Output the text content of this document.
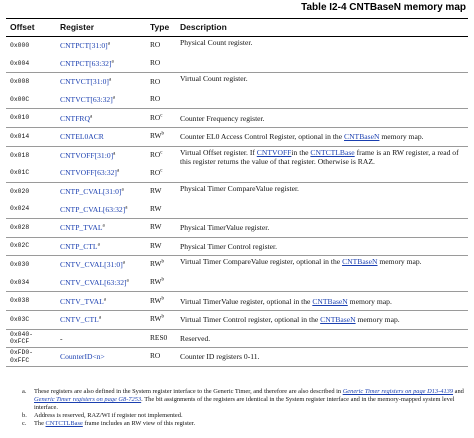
Table I2-4 CNTBaseN memory map
Offset	Register	Type	Description
0x000	CNTPCT[31:0]$^a$	RO	Physical Count register.
0x004	CNTPCT[63:32]$^a$	RO	
0x008	CNTVCT[31:0]$^a$	RO	Virtual Count register.
0x00C	CNTVCT[63:32]$^a$	RO	
0x010	CNTFRQ$^a$	$RO^c$	Counter Frequency register.
0x014	CNTEL0ACR	$RW^b$	Counter EL0 Access Control Register, optional in the CNTBaseN memory map.
0x018	CNTVOFF[31:0]$^a$	$RO^c$	Virtual Offset register. If CNTVOFFin the CNTCTLBase frame is an RW register, a read of this register returns the value of that register. Otherwise is RAZ.
0x01C	CNTVOFF[63:32]$^a$	$RO^c$
0x020	CNTP_CVAL[31:0]$^a$	RW	Physical Timer CompareValue register.
0x024	CNTP_CVAL[63:32]$^a$	RW	
0x028	CNTP_TVAL$^a$	RW	Physical TimerValue register.
0x02C	CNTP_CTL$^a$	RW	Physical Timer Control register.
0x030	CNTV_CVAL[31:0]$^a$	$RW^b$	Virtual Timer CompareValue register, optional in the CNTBaseN memory map.
0x034	CNTV_CVAL[63:32]$^a$	$RW^b$
0x038	CNTV_TVAL$^a$	$RW^b$	Virtual TimerValue register, optional in the CNTBaseN memory map.
0x03C	CNTV_CTL$^a$	$RW^b$	Virtual Timer Control register, optional in the CNTBaseN memory map.
0x040-0xFCF	-	RES0	Reserved.
0xFD0-0xFFC	CounterID<n>	RO	Counter ID registers 0-11.
a.	These registers are also defined in the System register interface to the Generic Timer, and therefore are also described in Generic Timer registers on page D13-4139 and Generic Timer registers on page G8-7253. The bit assignments of the registers are identical in the System register interface and in the memory-mapped system level interface.
b.	Address is reserved, RAZ/WI if register not implemented.
c.	The CNTCTLBase frame includes an RW view of this register.
